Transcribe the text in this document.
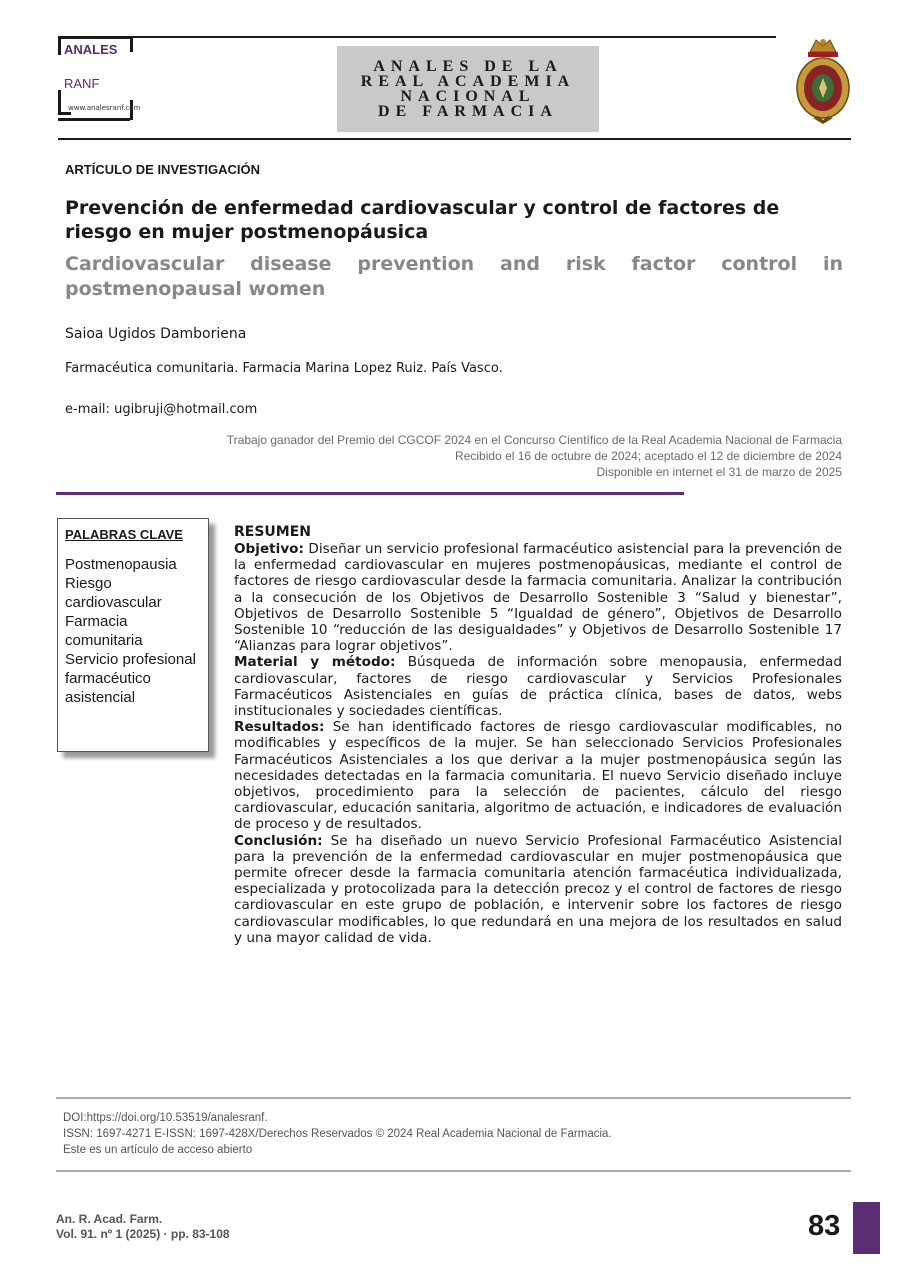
ANALES
RANF
www.analesranf.com
ANALES DE LA
REAL ACADEMIA
NACIONAL
DE FARMACIA
ARTÍCULO DE INVESTIGACIÓN
Prevención de enfermedad cardiovascular y control de factores de riesgo en mujer postmenopáusica
Cardiovascular disease prevention and risk factor control in postmenopausal women
Saioa Ugidos Damboriena
Farmacéutica comunitaria. Farmacia Marina Lopez Ruiz. País Vasco.
e-mail: ugibruji@hotmail.com
Trabajo ganador del Premio del CGCOF 2024 en el Concurso Científico de la Real Academia Nacional de Farmacia
Recibido el 16 de octubre de 2024; aceptado el 12 de diciembre de 2024
Disponible en internet el 31 de marzo de 2025
PALABRAS CLAVE
Postmenopausia
Riesgo cardiovascular
Farmacia comunitaria
Servicio profesional farmacéutico asistencial

RESUMEN

Objetivo: Diseñar un servicio profesional farmacéutico asistencial para la prevención de la enfermedad cardiovascular en mujeres postmenopáusicas, mediante el control de factores de riesgo cardiovascular desde la farmacia comunitaria. Analizar la contribución a la consecución de los Objetivos de Desarrollo Sostenible 3 “Salud y bienestar”, Objetivos de Desarrollo Sostenible 5 “Igualdad de género”, Objetivos de Desarrollo Sostenible 10 “reducción de las desigualdades” y Objetivos de Desarrollo Sostenible 17 “Alianzas para lograr objetivos”.

Material y método: Búsqueda de información sobre menopausia, enfermedad cardiovascular, factores de riesgo cardiovascular y Servicios Profesionales Farmacéuticos Asistenciales en guías de práctica clínica, bases de datos, webs institucionales y sociedades científicas.

Resultados: Se han identificado factores de riesgo cardiovascular modificables, no modificables y específicos de la mujer. Se han seleccionado Servicios Profesionales Farmacéuticos Asistenciales a los que derivar a la mujer postmenopáusica según las necesidades detectadas en la farmacia comunitaria. El nuevo Servicio diseñado incluye objetivos, procedimiento para la selección de pacientes, cálculo del riesgo cardiovascular, educación sanitaria, algoritmo de actuación, e indicadores de evaluación de proceso y de resultados.

Conclusión: Se ha diseñado un nuevo Servicio Profesional Farmacéutico Asistencial para la prevención de la enfermedad cardiovascular en mujer postmenopáusica que permite ofrecer desde la farmacia comunitaria atención farmacéutica individualizada, especializada y protocolizada para la detección precoz y el control de factores de riesgo cardiovascular en este grupo de población, e intervenir sobre los factores de riesgo cardiovascular modificables, lo que redundará en una mejora de los resultados en salud y una mayor calidad de vida.

DOI:https://doi.org/10.53519/analesranf.
ISSN: 1697-4271 E-ISSN: 1697-428X/Derechos Reservados © 2024 Real Academia Nacional de Farmacia.
Este es un artículo de acceso abierto
An. R. Acad. Farm.
Vol. 91. nº 1 (2025) · pp. 83-108	83
